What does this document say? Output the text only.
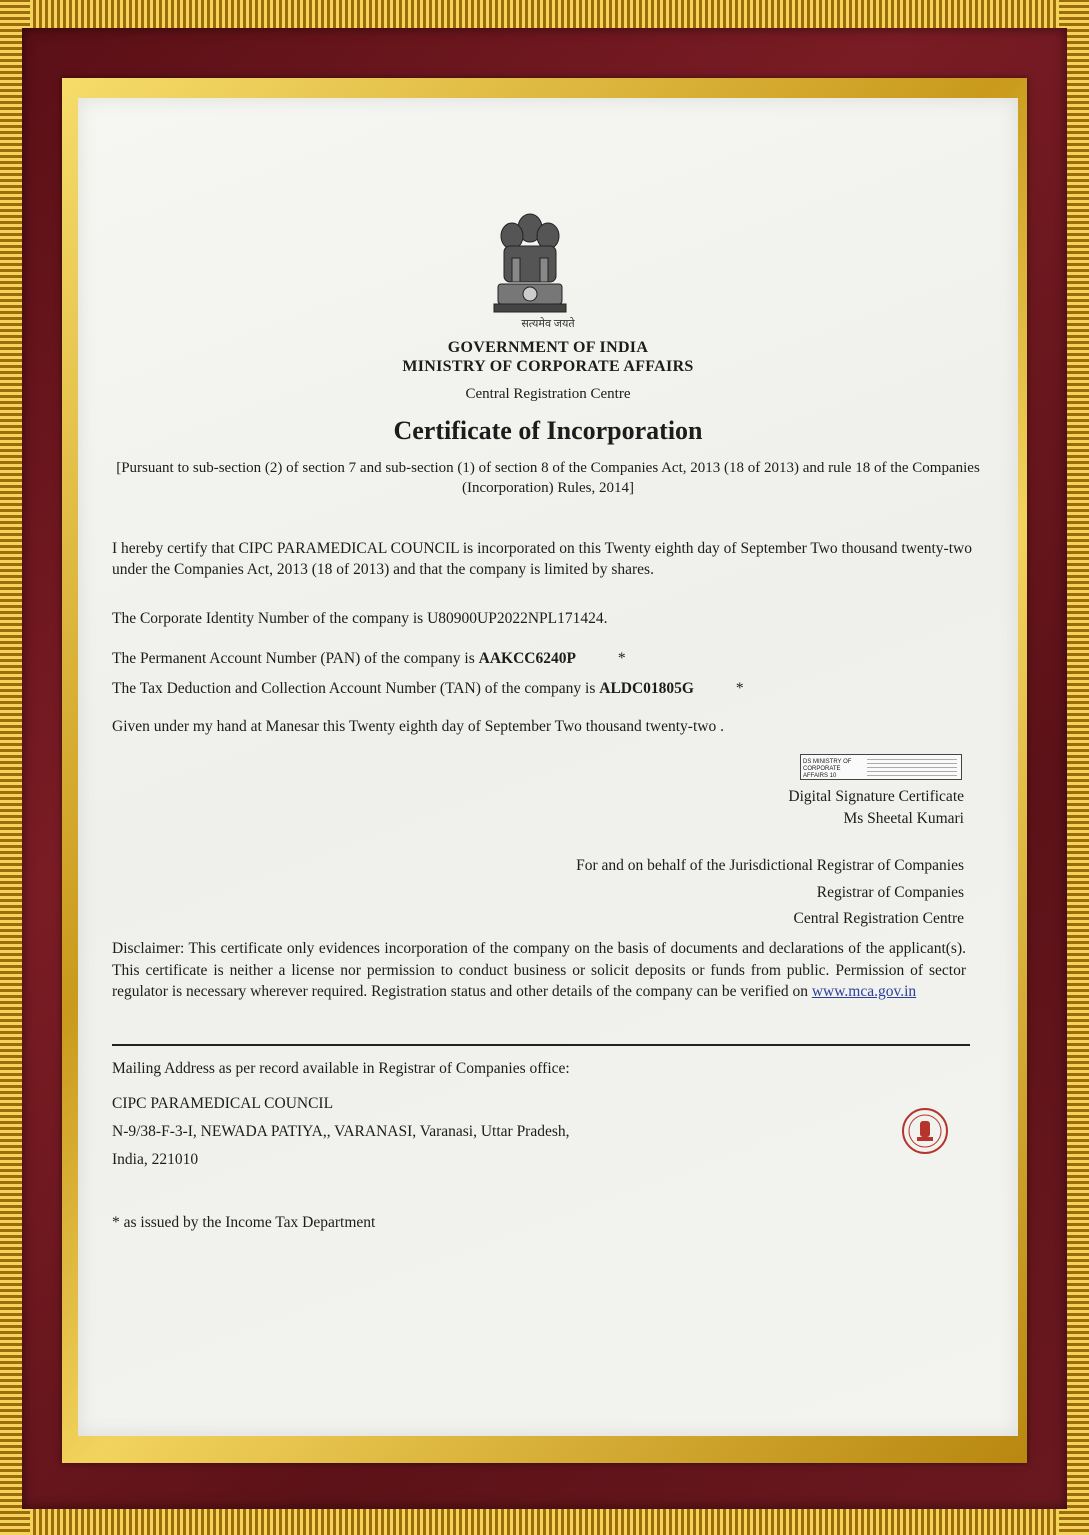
सत्यमेव जयते
GOVERNMENT OF INDIA
MINISTRY OF CORPORATE AFFAIRS
Central Registration Centre
Certificate of Incorporation
[Pursuant to sub-section (2) of section 7 and sub-section (1) of section 8 of the Companies Act, 2013 (18 of 2013) and rule 18 of the Companies (Incorporation) Rules, 2014]
I hereby certify that CIPC PARAMEDICAL COUNCIL is incorporated on this Twenty eighth day of September Two thousand twenty-two under the Companies Act, 2013 (18 of 2013) and that the company is limited by shares.
The Corporate Identity Number of the company is U80900UP2022NPL171424.
The Permanent Account Number (PAN) of the company is AAKCC6240P	*
The Tax Deduction and Collection Account Number (TAN) of the company is ALDC01805G	*
Given under my hand at Manesar this Twenty eighth day of September Two thousand twenty-two .
DS MINISTRY OF CORPORATE AFFAIRS 10
Digital Signature Certificate
Ms Sheetal Kumari
For and on behalf of the Jurisdictional Registrar of Companies
Registrar of Companies
Central Registration Centre
Disclaimer: This certificate only evidences incorporation of the company on the basis of documents and declarations of the applicant(s). This certificate is neither a license nor permission to conduct business or solicit deposits or funds from public. Permission of sector regulator is necessary wherever required. Registration status and other details of the company can be verified on www.mca.gov.in
Mailing Address as per record available in Registrar of Companies office:
CIPC PARAMEDICAL COUNCIL
N-9/38-F-3-I, NEWADA PATIYA,, VARANASI, Varanasi, Uttar Pradesh,
India, 221010
* as issued by the Income Tax Department
